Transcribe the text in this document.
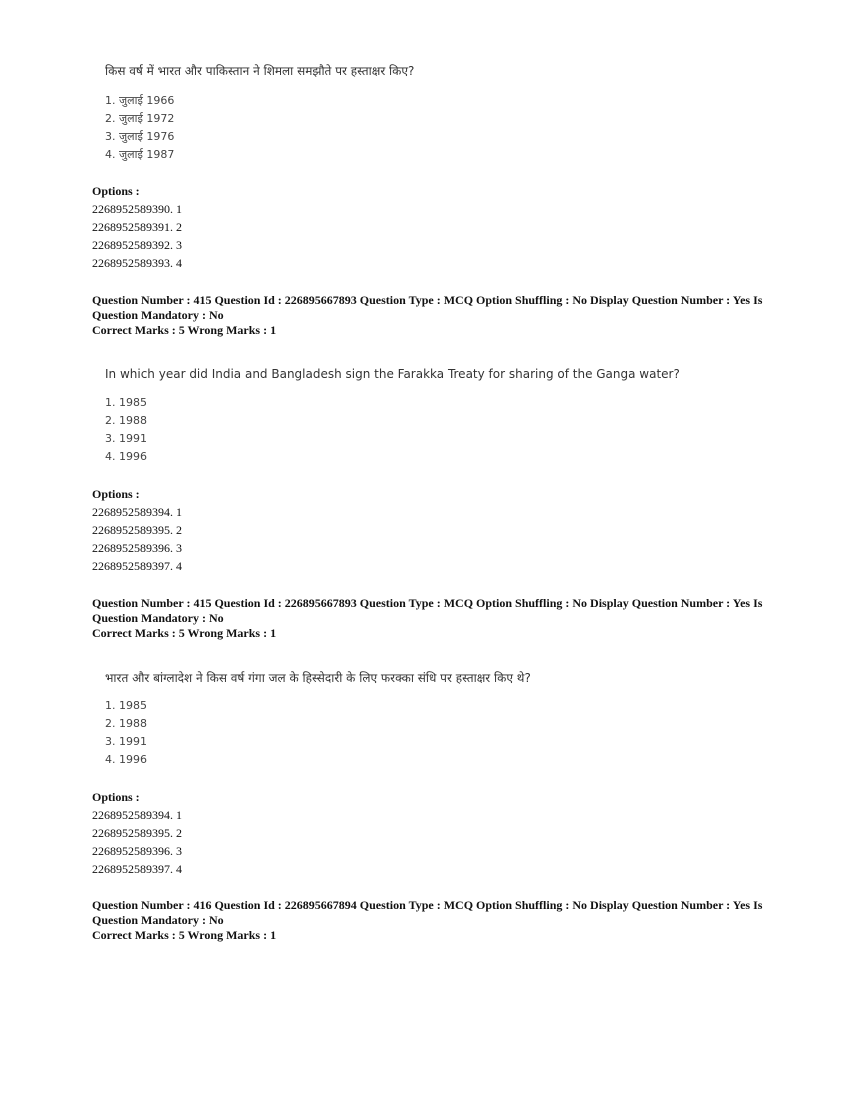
किस वर्ष में भारत और पाकिस्तान ने शिमला समझौते पर हस्ताक्षर किए?
1. जुलाई 1966
2. जुलाई 1972
3. जुलाई 1976
4. जुलाई 1987
Options :
2268952589390. 1
2268952589391. 2
2268952589392. 3
2268952589393. 4
Question Number : 415 Question Id : 226895667893 Question Type : MCQ Option Shuffling : No Display Question Number : Yes Is
Question Mandatory : No
Correct Marks : 5 Wrong Marks : 1
In which year did India and Bangladesh sign the Farakka Treaty for sharing of the Ganga water?
1. 1985
2. 1988
3. 1991
4. 1996
Options :
2268952589394. 1
2268952589395. 2
2268952589396. 3
2268952589397. 4
Question Number : 415 Question Id : 226895667893 Question Type : MCQ Option Shuffling : No Display Question Number : Yes Is
Question Mandatory : No
Correct Marks : 5 Wrong Marks : 1
भारत और बांग्लादेश ने किस वर्ष गंगा जल के हिस्सेदारी के लिए फरक्का संधि पर हस्ताक्षर किए थे?
1. 1985
2. 1988
3. 1991
4. 1996
Options :
2268952589394. 1
2268952589395. 2
2268952589396. 3
2268952589397. 4
Question Number : 416 Question Id : 226895667894 Question Type : MCQ Option Shuffling : No Display Question Number : Yes Is
Question Mandatory : No
Correct Marks : 5 Wrong Marks : 1
